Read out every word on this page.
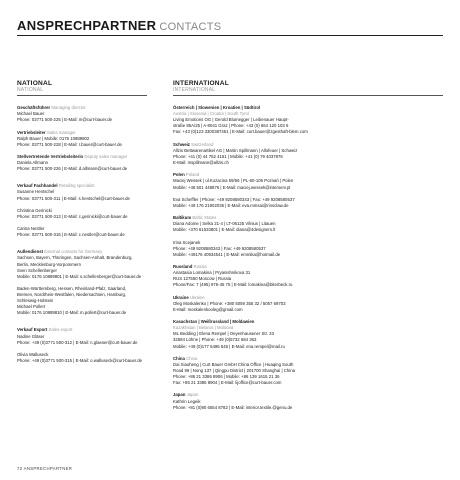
ANSPRECHPARTNER CONTACTS
NATIONAL
NATIONAL
Geschäftsführer Managing director
Michael Bauer
Phone: 03771 500-225 | E-Mail: m@curt-bauer.de
Vertriebsleiter Sales manager
Ralph Bauer | Mobile: 0176 10889802
Phone: 03771 500-228 | E-Mail: r.bauer@curt-bauer.de
Stellvertretende Vertriebsleiterin Deputy sales manager
Daniela Allmann
Phone: 03771 500-226 | E-Mail: d.allmann@curt-bauer.de
Verkauf Fachhandel Retailing specialist
Susanne Hentschel
Phone: 03771 500-311 | E-Mail: s.hentschel@curt-bauer.de
Christina Gerinicki
Phone: 03771 500-313 | E-Mail: c.gerinicki@curt-bauer.de
Carina Nestler
Phone: 03771 500-316 | E-Mail: c.nestler@curt-bauer.de
Außendienst External contacts for Germany
Sachsen, Bayern, Thüringen, Sachsen-Anhalt, Brandenburg,
Berlin, Mecklenburg-Vorpommern
Sven Schellenberger
Mobile: 0176 10889801 | E-Mail: s.schellenberger@curt-bauer.de
Baden-Württemberg, Hessen, Rheinland-Pfalz, Saarland,
Bremen, Nordrhein-Westfalen, Niedersachsen, Hamburg,
Schleswig-Holstein
Michael Pollert
Mobile: 0176 10889810 | E-Mail: m.pollert@curt-bauer.de
Verkauf Export Sales export
Nadine Gläser
Phone: +49 (0)3771 500-312 | E-Mail: n.glaeser@curt-bauer.de
Olivia Walluseck
Phone: +49 (0)3771 500-315 | E-Mail: o.walluseck@curt-bauer.de
INTERNATIONAL
INTERNATIONAL
Österreich | Slowenien | Kroatien | Südtirol
Austria | Slovenia | Croatia | South Tyrol
Living Emotions OG | Gerold Blumegger | Leibenauer Haupt-
straße 85A/25 | A-8041 Graz | Phone: +43 (0) 664 120 103 6
Fax: +43 (0)123 3300387451 | E-Mail: curt.bauer@zgesthaft-blem.com
Schweiz Switzerland
Allzis Bettwarenartikel AG | Martin Spillmann | Allofeuer | Schweiz
Phone: +41 (0) 44 762 4161 | Mobile: +41 (0) 79 4037876
E-Mail: mspillmann@allzis.ch
Polen Poland
Maciej Wessek | ul.Kozacina 59/56 | PL-60-105 Poznań | Polen
Mobile: +48 501 448876 | E-Mail: maciej.wessek@interserv.pl
Eva Scheffler | Phone: +49 9208580343 | Fax: +49 9208580537
Mobile: +49 176 21902035 | E-Mail: eva.mmsai@rinsclaw.de
Baltikum Baltic States
Diana Adome | Selka 21-4 | LT-06125 Vilnius | Litauen
Mobile: +370 61533801 | E-Mail: diana@4designers.lt
Irina Scejanek
Phone: +49 9208580343 | Fax: +49 9208580537
Mobile: +49176 40934541 | E-Mail: emmika@hotmail.de
Russland Russia
Anastasia Lomakina | Pryanishnikova 31
RUS 127550 Moscow | Russia
Phone/Fax: 7 (495) 976-45 75 | E-Mail: lomakina@biterbeck.ru
Ukraine Ukraine
Oleg Moskalenko | Phone: +380 5059 355 32 / 5057 69703
E-Mail: moskalenkooleg@gmail.com
Kasachstan | Weißrussland | Moldawien
Kazakhstan | Belarus | Moldova
ML Bedding | Elena Rempel | Oeyenhausener Str. 33
32584 Löhne | Phone: +49 (0)5732 684 363
Mobile: +49 (0)177 6496 545 | E-Mail: ena.rempel@mail.ru
China China
Dai Xiaoheng | Curt Bauer GmbH China Office | Huaqing South
Road 99 | Nong 137 | Qingpu District | 201700 Shanghai | China
Phone: +86 21 3386 8906 | Mobile: +86 139 1615 21 36
Fax: +86 21 3386 8904 | E-Mail: lijoffice@curt-bauer.com
Japan Japan
Kathrin Legeik
Phone: +81 (0)90 6554 8782 | E-Mail: interior.textile.@genu.de
72 ANSPRECHPARTNER
